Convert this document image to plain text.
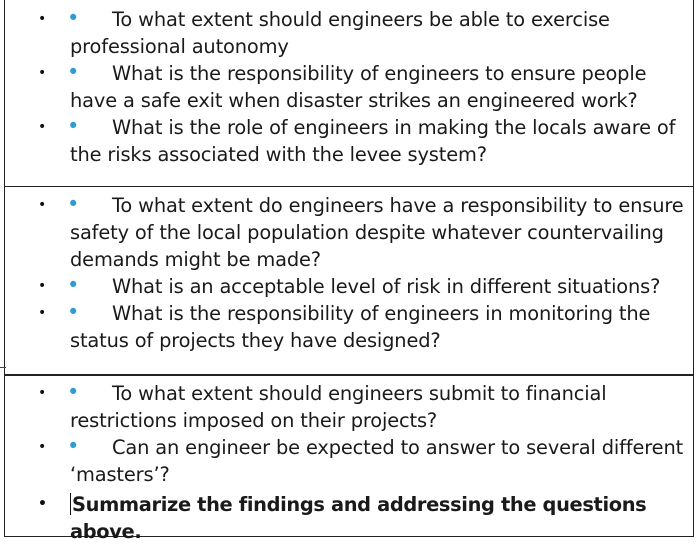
• • To what extent should engineers be able to exercise professional autonomy
• • What is the responsibility of engineers to ensure people have a safe exit when disaster strikes an engineered work?
• • What is the role of engineers in making the locals aware of the risks associated with the levee system?
• • To what extent do engineers have a responsibility to ensure safety of the local population despite whatever countervailing demands might be made?
• • What is an acceptable level of risk in different situations?
• • What is the responsibility of engineers in monitoring the status of projects they have designed?
• • To what extent should engineers submit to financial restrictions imposed on their projects?
• • Can an engineer be expected to answer to several different ‘masters’?
• Summarize the findings and addressing the questions above.
